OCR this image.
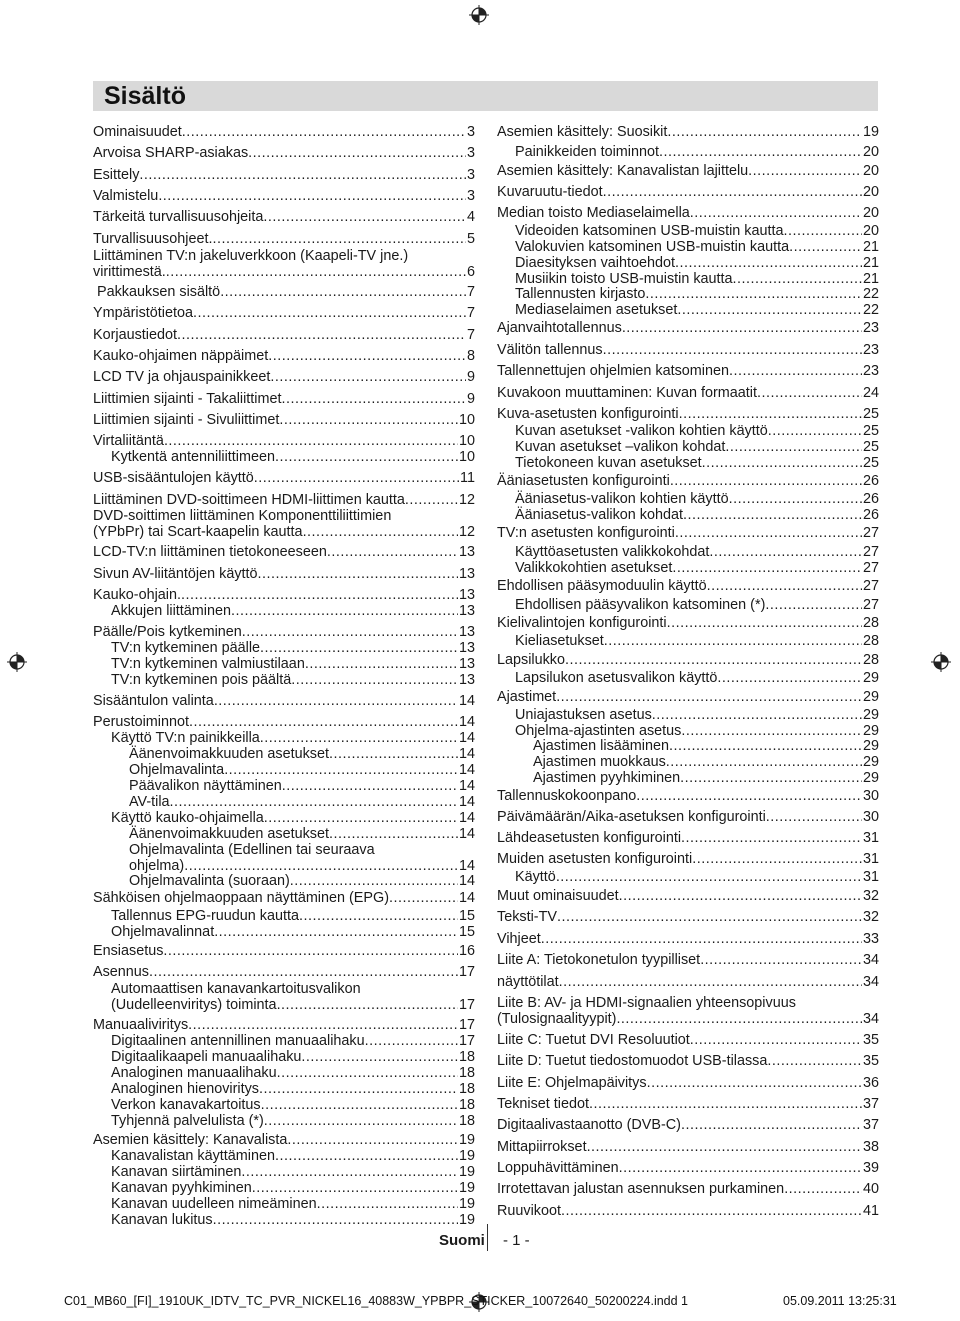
Sisältö
Ominaisuudet .....	3
Arvoisa SHARP-asiakas .....	3
Esittely .....	3
Valmistelu .....	3
Tärkeitä turvallisuusohjeita .....	4
Turvallisuusohjeet. .....	5
Liittäminen TV:n jakeluverkkoon (Kaapeli-TV jne.)
virittimestä. .....	6
Pakkauksen sisältö .....	7
Ympäristötietoa .....	7
Korjaustiedot .....	7
Kauko-ohjaimen näppäimet .....	8
LCD TV ja ohjauspainikkeet .....	9
Liittimien sijainti - Takaliittimet .....	9
Liittimien sijainti - Sivuliittimet .....	10
Virtaliitäntä .....	10
Kytkentä antenniliittimeen .....	10
USB-sisääntulojen käyttö .....	11
Liittäminen DVD-soittimeen HDMI-liittimen kautta .....	12
DVD-soittimen liittäminen Komponenttiliittimien
(YPbPr) tai Scart-kaapelin kautta .....	12
LCD-TV:n liittäminen tietokoneeseen .....	13
Sivun AV-liitäntöjen käyttö .....	13
Kauko-ohjain. .....	13
Akkujen liittäminen .....	13
Päälle/Pois kytkeminen .....	13
TV:n kytkeminen päälle .....	13
TV:n kytkeminen valmiustilaan .....	13
TV:n kytkeminen pois päältä .....	13
Sisääntulon valinta .....	14
Perustoiminnot .....	14
Käyttö TV:n painikkeilla .....	14
Äänenvoimakkuuden asetukset .....	14
Ohjelmavalinta .....	14
Päävalikon näyttäminen .....	14
AV-tila .....	14
Käyttö kauko-ohjaimella .....	14
Äänenvoimakkuuden asetukset .....	14
Ohjelmavalinta (Edellinen tai seuraava
ohjelma) .....	14
Ohjelmavalinta (suoraan) .....	14
Sähköisen ohjelmaoppaan näyttäminen (EPG) .....	14
Tallennus EPG-ruudun kautta .....	15
Ohjelmavalinnat .....	15
Ensiasetus .....	16
Asennus .....	17
Automaattisen kanavankartoitusvalikon
(Uudelleenviritys) toiminta .....	17
Manuaaliviritys .....	17
Digitaalinen antennillinen manuaalihaku .....	17
Digitaalikaapeli manuaalihaku .....	18
Analoginen manuaalihaku .....	18
Analoginen hienoviritys .....	18
Verkon kanavakartoitus .....	18
Tyhjennä palvelulista (*) .....	18
Asemien käsittely: Kanavalista .....	19
Kanavalistan käyttäminen .....	19
Kanavan siirtäminen .....	19
Kanavan pyyhkiminen .....	19
Kanavan uudelleen nimeäminen .....	19
Kanavan lukitus .....	19
Asemien käsittely: Suosikit .....	19
Painikkeiden toiminnot .....	20
Asemien käsittely: Kanavalistan lajittelu .....	20
Kuvaruutu-tiedot .....	20
Median toisto Mediaselaimella .....	20
Videoiden katsominen USB-muistin kautta .....	20
Valokuvien katsominen USB-muistin kautta .....	21
Diaesityksen vaihtoehdot .....	21
Musiikin toisto USB-muistin kautta .....	21
Tallennusten kirjasto .....	22
Mediaselaimen asetukset .....	22
Ajanvaihtotallennus .....	23
Välitön tallennus .....	23
Tallennettujen ohjelmien katsominen .....	23
Kuvakoon muuttaminen: Kuvan formaatit .....	24
Kuva-asetusten konfigurointi .....	25
Kuvan asetukset -valikon kohtien käyttö .....	25
Kuvan asetukset –valikon kohdat .....	25
Tietokoneen kuvan asetukset .....	25
Ääniasetusten konfigurointi .....	26
Ääniasetus-valikon kohtien käyttö .....	26
Ääniasetus-valikon kohdat .....	26
TV:n asetusten konfigurointi .....	27
Käyttöasetusten valikkokohdat .....	27
Valikkokohtien asetukset .....	27
Ehdollisen pääsymoduulin käyttö .....	27
Ehdollisen pääsyvalikon katsominen (*) .....	27
Kielivalintojen konfigurointi .....	28
Kieliasetukset .....	28
Lapsilukko .....	28
Lapsilukon asetusvalikon käyttö .....	29
Ajastimet .....	29
Uniajastuksen asetus .....	29
Ohjelma-ajastinten asetus .....	29
Ajastimen lisääminen .....	29
Ajastimen muokkaus .....	29
Ajastimen pyyhkiminen .....	29
Tallennuskokoonpano .....	30
Päivämäärän/Aika-asetuksen konfigurointi .....	30
Lähdeasetusten konfigurointi .....	31
Muiden asetusten konfigurointi .....	31
Käyttö .....	31
Muut ominaisuudet .....	32
Teksti-TV .....	32
Vihjeet .....	33
Liite A: Tietokonetulon tyypilliset .....	34
näyttötilat .....	34
Liite B: AV- ja HDMI-signaalien yhteensopivuus
(Tulosignaalityypit) .....	34
Liite C: Tuetut DVI Resoluutiot .....	35
Liite D: Tuetut tiedostomuodot USB-tilassa .....	35
Liite E: Ohjelmapäivitys .....	36
Tekniset tiedot .....	37
Digitaalivastaanotto (DVB-C) .....	37
Mittapiirrokset .....	38
Loppuhävittäminen .....	39
Irrotettavan jalustan asennuksen purkaminen .....	40
Ruuvikoot .....	41
Suomi - 1 -
C01_MB60_[FI]_1910UK_IDTV_TC_PVR_NICKEL16_40883W_YPBPR_STICKER_10072640_50200224.indd 1	05.09.2011 13:25:31
